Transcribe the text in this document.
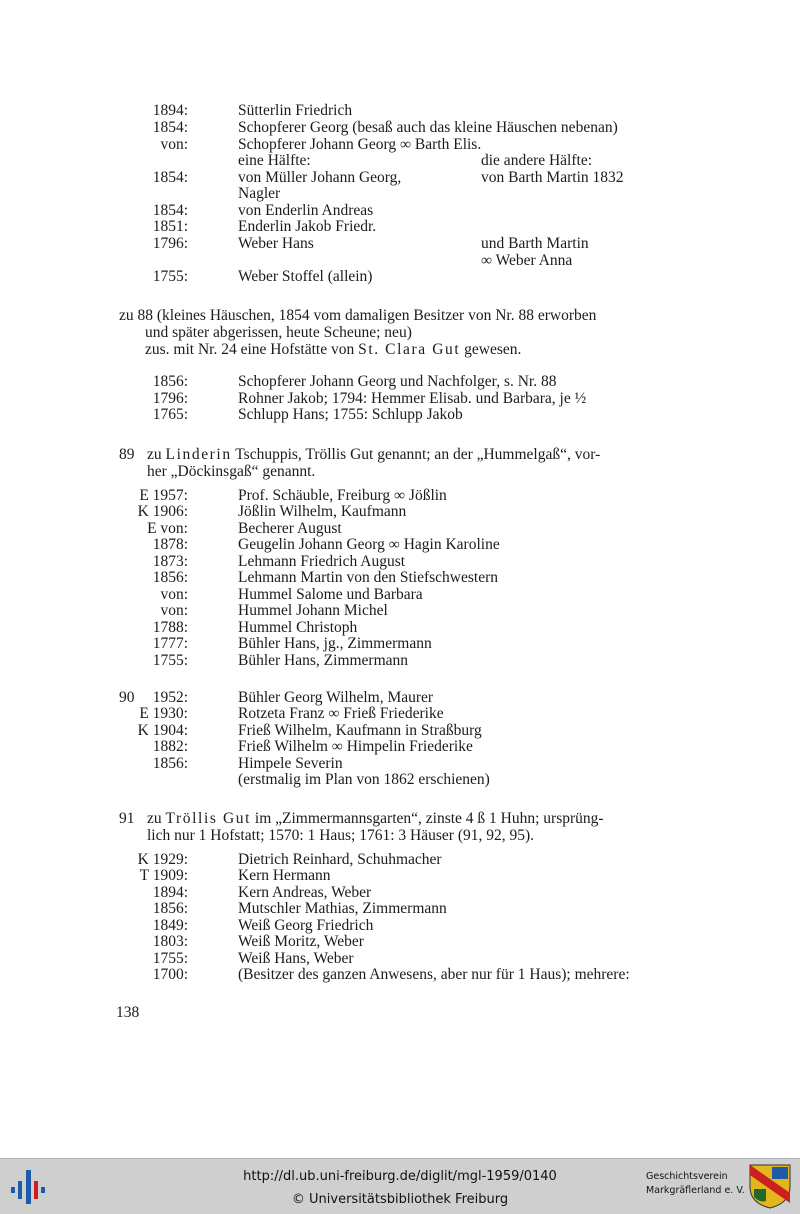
1894:	Sütterlin Friedrich
1854:	Schopferer Georg (besaß auch das kleine Häuschen nebenan)
von:	Schopferer Johann Georg ∞ Barth Elis.
eine Hälfte:	die andere Hälfte:
1854:	von Müller Johann Georg,	von Barth Martin 1832
Nagler
1854:	von Enderlin Andreas
1851:	Enderlin Jakob Friedr.
1796:	Weber Hans	und Barth Martin
∞ Weber Anna
1755:	Weber Stoffel (allein)
zu 88 (kleines Häuschen, 1854 vom damaligen Besitzer von Nr. 88 erworben
und später abgerissen, heute Scheune; neu)
zus. mit Nr. 24 eine Hofstätte von St. Clara Gut gewesen.
1856:	Schopferer Johann Georg und Nachfolger, s. Nr. 88
1796:	Rohner Jakob; 1794: Hemmer Elisab. und Barbara, je ½
1765:	Schlupp Hans; 1755: Schlupp Jakob
89 zu Linderin Tschuppis, Tröllis Gut genannt; an der „Hummelgaß“, vor-
her „Döckinsgaß“ genannt.
E 1957:	Prof. Schäuble, Freiburg ∞ Jößlin
K 1906:	Jößlin Wilhelm, Kaufmann
E von:	Becherer August
1878:	Geugelin Johann Georg ∞ Hagin Karoline
1873:	Lehmann Friedrich August
1856:	Lehmann Martin von den Stiefschwestern
von:	Hummel Salome und Barbara
von:	Hummel Johann Michel
1788:	Hummel Christoph
1777:	Bühler Hans, jg., Zimmermann
1755:	Bühler Hans, Zimmermann
90	1952:	Bühler Georg Wilhelm, Maurer
E 1930:	Rotzeta Franz ∞ Frieß Friederike
K 1904:	Frieß Wilhelm, Kaufmann in Straßburg
1882:	Frieß Wilhelm ∞ Himpelin Friederike
1856:	Himpele Severin
(erstmalig im Plan von 1862 erschienen)
91 zu Tröllis Gut im „Zimmermannsgarten“, zinste 4 ß 1 Huhn; ursprüng-
lich nur 1 Hofstatt; 1570: 1 Haus; 1761: 3 Häuser (91, 92, 95).
K 1929:	Dietrich Reinhard, Schuhmacher
T 1909:	Kern Hermann
1894:	Kern Andreas, Weber
1856:	Mutschler Mathias, Zimmermann
1849:	Weiß Georg Friedrich
1803:	Weiß Moritz, Weber
1755:	Weiß Hans, Weber
1700:	(Besitzer des ganzen Anwesens, aber nur für 1 Haus); mehrere:
138
http://dl.ub.uni-freiburg.de/diglit/mgl-1959/0140
© Universitätsbibliothek Freiburg
Geschichtsverein
Markgräflerland e. V.
